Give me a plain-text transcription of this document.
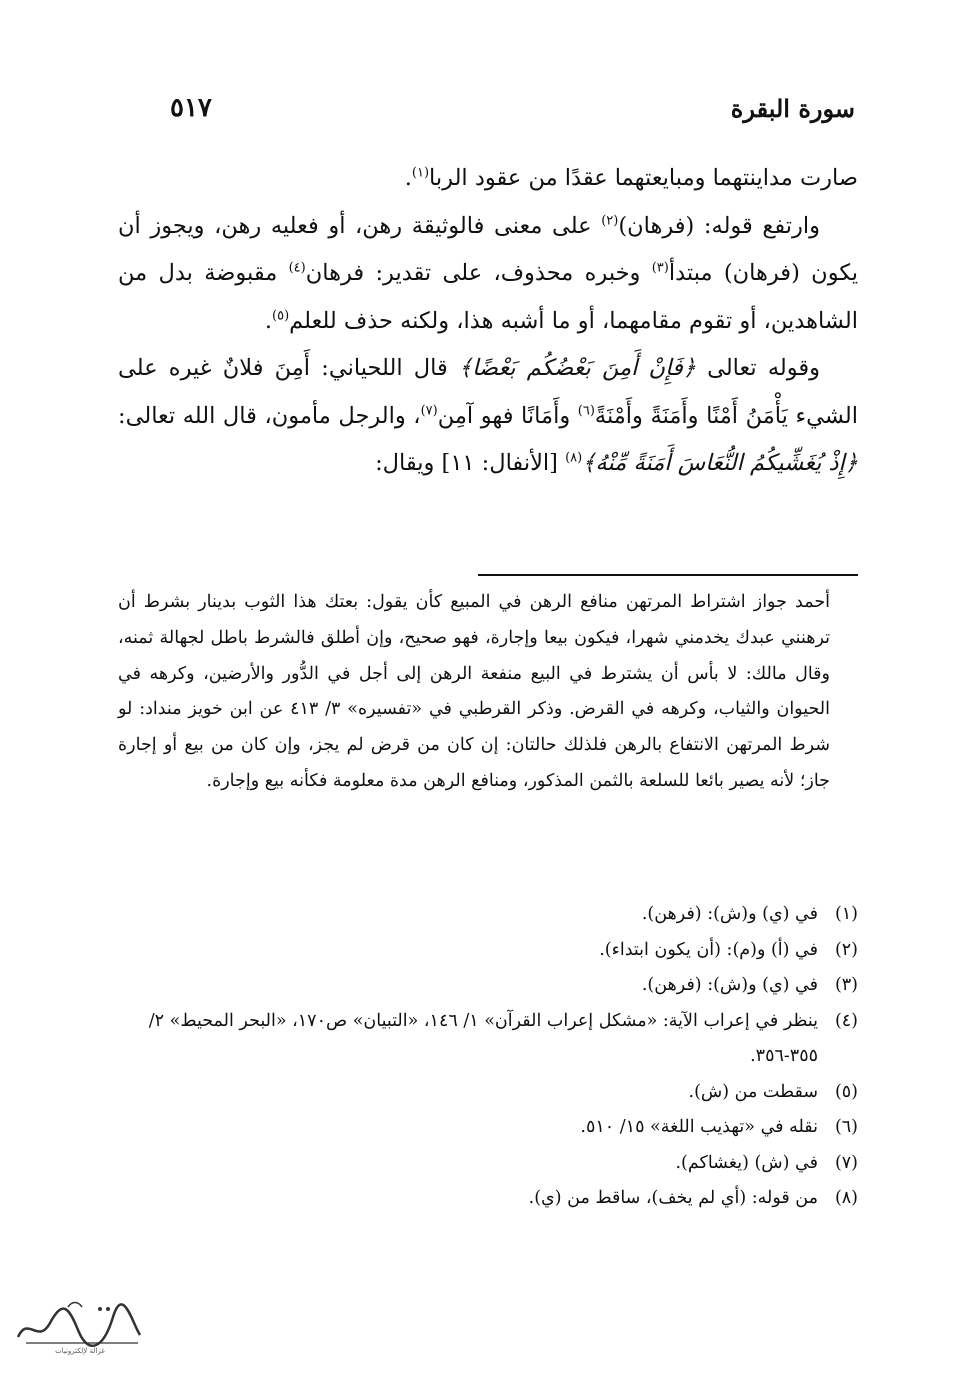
سورة البقرة
٥١٧

صارت مداينتهما ومبايعتهما عقدًا من عقود الربا$^{(١)}$.

وارتفع قوله: (فرهان)$^{(٢)}$ على معنى فالوثيقة رهن، أو فعليه رهن، ويجوز أن يكون (فرهان) مبتدأ$^{(٣)}$ وخبره محذوف، على تقدير: فرهان$^{(٤)}$ مقبوضة بدل من الشاهدين، أو تقوم مقامهما، أو ما أشبه هذا، ولكنه حذف للعلم$^{(٥)}$.

وقوله تعالى ﴿فَإِنْ أَمِنَ بَعْضُكُم بَعْضًا﴾ قال اللحياني: أَمِنَ فلانٌ غيره على الشيء يَأْمَنُ أَمْنًا وأَمَنَةً وأَمْنَةً$^{(٦)}$ وأَمَانًا فهو آمِن$^{(٧)}$، والرجل مأمون، قال الله تعالى: ﴿إِذْ يُغَشِّيكُمُ النُّعَاسَ أَمَنَةً مِّنْهُ﴾$^{(٨)}$ [الأنفال: ١١] ويقال:

أحمد جواز اشتراط المرتهن منافع الرهن في المبيع كأن يقول: بعتك هذا الثوب بدينار بشرط أن ترهنني عبدك يخدمني شهرا، فيكون بيعا وإجارة، فهو صحيح، وإن أطلق فالشرط باطل لجهالة ثمنه، وقال مالك: لا بأس أن يشترط في البيع منفعة الرهن إلى أجل في الدُّور والأرضين، وكرهه في الحيوان والثياب، وكرهه في القرض. وذكر القرطبي في «تفسيره» ٣/ ٤١٣ عن ابن خويز منداد: لو شرط المرتهن الانتفاع بالرهن فلذلك حالتان: إن كان من قرض لم يجز، وإن كان من بيع أو إجارة جاز؛ لأنه يصير بائعا للسلعة بالثمن المذكور، ومنافع الرهن مدة معلومة فكأنه بيع وإجارة.

(١)في (ي) و(ش): (فرهن).
(٢)في (أ) و(م): (أن يكون ابتداء).
(٣)في (ي) و(ش): (فرهن).
(٤)ينظر في إعراب الآية: «مشكل إعراب القرآن» ١/ ١٤٦، «التبيان» ص١٧٠، «البحر المحيط» ٢/ ٣٥٥-٣٥٦.
(٥)سقطت من (ش).
(٦)نقله في «تهذيب اللغة» ١٥/ ٥١٠.
(٧)في (ش) (يغشاكم).
(٨)من قوله: (أي لم يخف)، ساقط من (ي).
غزالة لإلكترونيات
